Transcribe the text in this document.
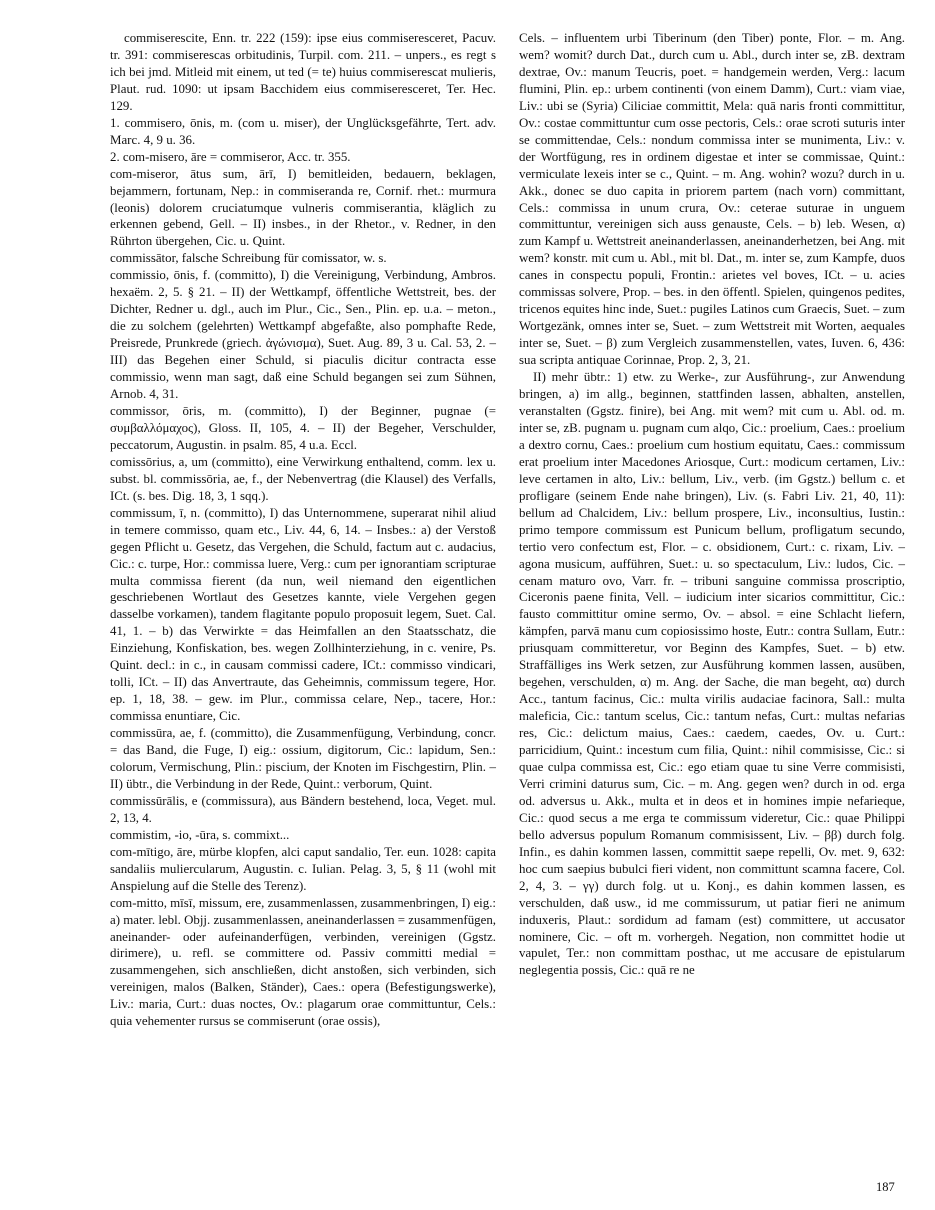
commiserescite, Enn. tr. 222 (159): ipse eius commiseresceret, Pacuv. tr. 391: commiserescas orbitudinis, Turpil. com. 211. – unpers., es regt s ich bei jmd. Mitleid mit einem, ut ted (= te) huius commiserescat mulieris, Plaut. rud. 1090: ut ipsam Bacchidem eius commiseresceret, Ter. Hec. 129.

1. commisero, ōnis, m. (com u. miser), der Unglücksgefährte, Tert. adv. Marc. 4, 9 u. 36.

2. com-misero, āre = commiseror, Acc. tr. 355.

com-miseror, ātus sum, ārī, I) bemitleiden, bedauern, beklagen, bejammern, fortunam, Nep.: in commiseranda re, Cornif. rhet.: murmura (leonis) dolorem cruciatumque vulneris commiserantia, kläglich zu erkennen gebend, Gell. – II) insbes., in der Rhetor., v. Redner, in den Rührton übergehen, Cic. u. Quint.

commissātor, falsche Schreibung für comissator, w. s.

commissio, ōnis, f. (committo), I) die Vereinigung, Verbindung, Ambros. hexaëm. 2, 5. § 21. – II) der Wettkampf, öffentliche Wettstreit, bes. der Dichter, Redner u. dgl., auch im Plur., Cic., Sen., Plin. ep. u.a. – meton., die zu solchem (gelehrten) Wettkampf abgefaßte, also pomphafte Rede, Preisrede, Prunkrede (griech. ἀγώνισμα), Suet. Aug. 89, 3 u. Cal. 53, 2. – III) das Begehen einer Schuld, si piaculis dicitur contracta esse commissio, wenn man sagt, daß eine Schuld begangen sei zum Sühnen, Arnob. 4, 31.

commissor, ōris, m. (committo), I) der Beginner, pugnae (= συμβαλλόμαχος), Gloss. II, 105, 4. – II) der Begeher, Verschulder, peccatorum, Augustin. in psalm. 85, 4 u.a. Eccl.

comissōrius, a, um (committo), eine Verwirkung enthaltend, comm. lex u. subst. bl. commissōria, ae, f., der Nebenvertrag (die Klausel) des Verfalls, ICt. (s. bes. Dig. 18, 3, 1 sqq.).

commissum, ī, n. (committo), I) das Unternommene, superarat nihil aliud in temere commisso, quam etc., Liv. 44, 6, 14. – Insbes.: a) der Verstoß gegen Pflicht u. Gesetz, das Vergehen, die Schuld, factum aut c. audacius, Cic.: c. turpe, Hor.: commissa luere, Verg.: cum per ignorantiam scripturae multa commissa fierent (da nun, weil niemand den eigentlichen geschriebenen Wortlaut des Gesetzes kannte, viele Vergehen gegen dasselbe vorkamen), tandem flagitante populo proposuit legem, Suet. Cal. 41, 1. – b) das Verwirkte = das Heimfallen an den Staatsschatz, die Einziehung, Konfiskation, bes. wegen Zollhinterziehung, in c. venire, Ps. Quint. decl.: in c., in causam commissi cadere, ICt.: commisso vindicari, tolli, ICt. – II) das Anvertraute, das Geheimnis, commissum tegere, Hor. ep. 1, 18, 38. – gew. im Plur., commissa celare, Nep., tacere, Hor.: commissa enuntiare, Cic.

commissūra, ae, f. (committo), die Zusammenfügung, Verbindung, concr. = das Band, die Fuge, I) eig.: ossium, digitorum, Cic.: lapidum, Sen.: colorum, Vermischung, Plin.: piscium, der Knoten im Fischgestirn, Plin. – II) übtr., die Verbindung in der Rede, Quint.: verborum, Quint.

commissūrālis, e (commissura), aus Bändern bestehend, loca, Veget. mul. 2, 13, 4.

commistim, -io, -ūra, s. commixt...

com-mītigo, āre, mürbe klopfen, alci caput sandalio, Ter. eun. 1028: capita sandaliis muliercularum, Augustin. c. Iulian. Pelag. 3, 5, § 11 (wohl mit Anspielung auf die Stelle des Terenz).

com-mitto, mīsī, missum, ere, zusammenlassen, zusammenbringen, I) eig.: a) mater. lebl. Objj. zusammenlassen, aneinanderlassen = zusammenfügen, aneinander- oder aufeinanderfügen, verbinden, vereinigen (Ggstz. dirimere), u. refl. se committere od. Passiv committi medial = zusammengehen, sich anschließen, dicht anstoßen, sich verbinden, sich vereinigen, malos (Balken, Ständer), Caes.: opera (Befestigungswerke), Liv.: maria, Curt.: duas noctes, Ov.: plagarum orae committuntur, Cels.: quia vehementer rursus se commiserunt (orae ossis),

Cels. – influentem urbi Tiberinum (den Tiber) ponte, Flor. – m. Ang. wem? womit? durch Dat., durch cum u. Abl., durch inter se, zB. dextram dextrae, Ov.: manum Teucris, poet. = handgemein werden, Verg.: lacum flumini, Plin. ep.: urbem continenti (von einem Damm), Curt.: viam viae, Liv.: ubi se (Syria) Ciliciae committit, Mela: quā naris fronti committitur, Ov.: costae committuntur cum osse pectoris, Cels.: orae scroti suturis inter se committendae, Cels.: nondum commissa inter se munimenta, Liv.: v. der Wortfügung, res in ordinem digestae et inter se commissae, Quint.: vermiculate lexeis inter se c., Quint. – m. Ang. wohin? wozu? durch in u. Akk., donec se duo capita in priorem partem (nach vorn) committant, Cels.: commissa in unum crura, Ov.: ceterae suturae in unguem committuntur, vereinigen sich auss genauste, Cels. – b) leb. Wesen, α) zum Kampf u. Wettstreit aneinanderlassen, aneinanderhetzen, bei Ang. mit wem? konstr. mit cum u. Abl., mit bl. Dat., m. inter se, zum Kampfe, duos canes in conspectu populi, Frontin.: arietes vel boves, ICt. – u. acies commissas solvere, Prop. – bes. in den öffentl. Spielen, quingenos pedites, tricenos equites hinc inde, Suet.: pugiles Latinos cum Graecis, Suet. – zum Wortgezänk, omnes inter se, Suet. – zum Wettstreit mit Worten, aequales inter se, Suet. – β) zum Vergleich zusammenstellen, vates, Iuven. 6, 436: sua scripta antiquae Corinnae, Prop. 2, 3, 21.

II) mehr übtr.: 1) etw. zu Werke-, zur Ausführung-, zur Anwendung bringen, a) im allg., beginnen, stattfinden lassen, abhalten, anstellen, veranstalten (Ggstz. finire), bei Ang. mit wem? mit cum u. Abl. od. m. inter se, zB. pugnam u. pugnam cum alqo, Cic.: proelium, Caes.: proelium a dextro cornu, Caes.: proelium cum hostium equitatu, Caes.: commissum erat proelium inter Macedones Ariosque, Curt.: modicum certamen, Liv.: leve certamen in alto, Liv.: bellum, Liv., verb. (im Ggstz.) bellum c. et profligare (seinem Ende nahe bringen), Liv. (s. Fabri Liv. 21, 40, 11): bellum ad Chalcidem, Liv.: bellum prospere, Liv., inconsultius, Iustin.: primo tempore commissum est Punicum bellum, profligatum secundo, tertio vero confectum est, Flor. – c. obsidionem, Curt.: c. rixam, Liv. – agona musicum, aufführen, Suet.: u. so spectaculum, Liv.: ludos, Cic. – cenam maturo ovo, Varr. fr. – tribuni sanguine commissa proscriptio, Ciceronis paene finita, Vell. – iudicium inter sicarios committitur, Cic.: fausto committitur omine sermo, Ov. – absol. = eine Schlacht liefern, kämpfen, parvā manu cum copiosissimo hoste, Eutr.: contra Sullam, Eutr.: priusquam committeretur, vor Beginn des Kampfes, Suet. – b) etw. Straffälliges ins Werk setzen, zur Ausführung kommen lassen, ausüben, begehen, verschulden, α) m. Ang. der Sache, die man begeht, αα) durch Acc., tantum facinus, Cic.: multa virilis audaciae facinora, Sall.: multa maleficia, Cic.: tantum scelus, Cic.: tantum nefas, Curt.: multas nefarias res, Cic.: delictum maius, Caes.: caedem, caedes, Ov. u. Curt.: parricidium, Quint.: incestum cum filia, Quint.: nihil commisisse, Cic.: si quae culpa commissa est, Cic.: ego etiam quae tu sine Verre commisisti, Verri crimini daturus sum, Cic. – m. Ang. gegen wen? durch in od. erga od. adversus u. Akk., multa et in deos et in homines impie nefarieque, Cic.: quod secus a me erga te commissum videretur, Cic.: quae Philippi bello adversus populum Romanum commisissent, Liv. – ββ) durch folg. Infin., es dahin kommen lassen, committit saepe repelli, Ov. met. 9, 632: hoc cum saepius bubulci fieri vident, non committunt scamna facere, Col. 2, 4, 3. – γγ) durch folg. ut u. Konj., es dahin kommen lassen, es verschulden, daß usw., id me commissurum, ut patiar fieri ne animum induxeris, Plaut.: sordidum ad famam (est) committere, ut accusator nominere, Cic. – oft m. vorhergeh. Negation, non committet hodie ut vapulet, Ter.: non committam posthac, ut me accusare de epistularum neglegentia possis, Cic.: quā re ne

187
